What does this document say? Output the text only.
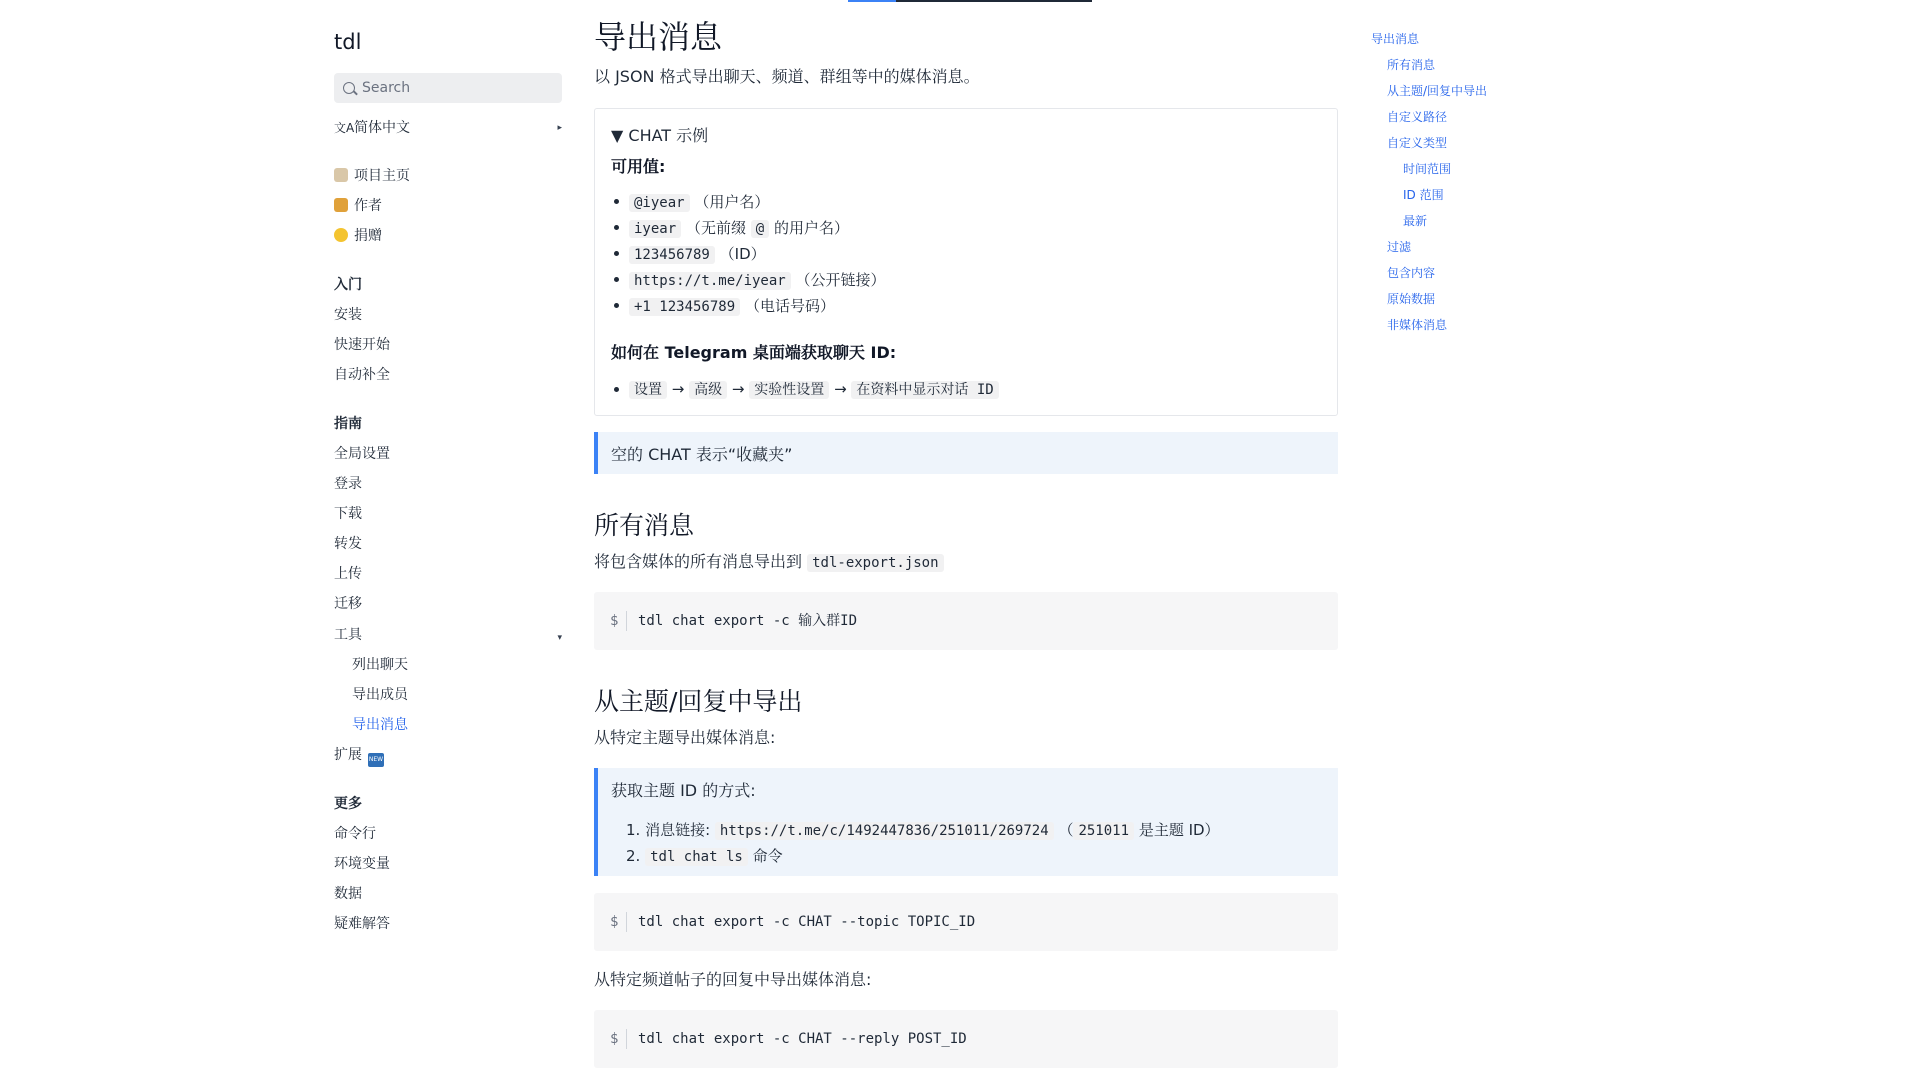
tdl
Search
文A简体中文	▸
项目主页
作者
捐赠
入门
安装
快速开始
自动补全
指南
全局设置
登录
下载
转发
上传
迁移
工具	▾
列出聊天
导出成员
导出消息
扩展 NEW
更多
命令行
环境变量
数据
疑难解答
导出消息
以 JSON 格式导出聊天、频道、群组等中的媒体消息。
▼ CHAT 示例
可用值:
@iyear （用户名）
iyear （无前缀 @ 的用户名）
123456789 （ID）
https://t.me/iyear （公开链接）
+1 123456789 （电话号码）
如何在 Telegram 桌面端获取聊天 ID:
设置 → 高级 → 实验性设置 → 在资料中显示对话 ID
空的 CHAT 表示“收藏夹”
所有消息
将包含媒体的所有消息导出到 tdl-export.json
$	tdl chat export -c 输入群ID
从主题/回复中导出
从特定主题导出媒体消息:
获取主题 ID 的方式:
1. 消息链接: https://t.me/c/1492447836/251011/269724 （ 251011 是主题 ID）
2. tdl chat ls 命令
$	tdl chat export -c CHAT --topic TOPIC_ID
从特定频道帖子的回复中导出媒体消息:
$	tdl chat export -c CHAT --reply POST_ID
导出消息
所有消息
从主题/回复中导出
自定义路径
自定义类型
时间范围
ID 范围
最新
过滤
包含内容
原始数据
非媒体消息
